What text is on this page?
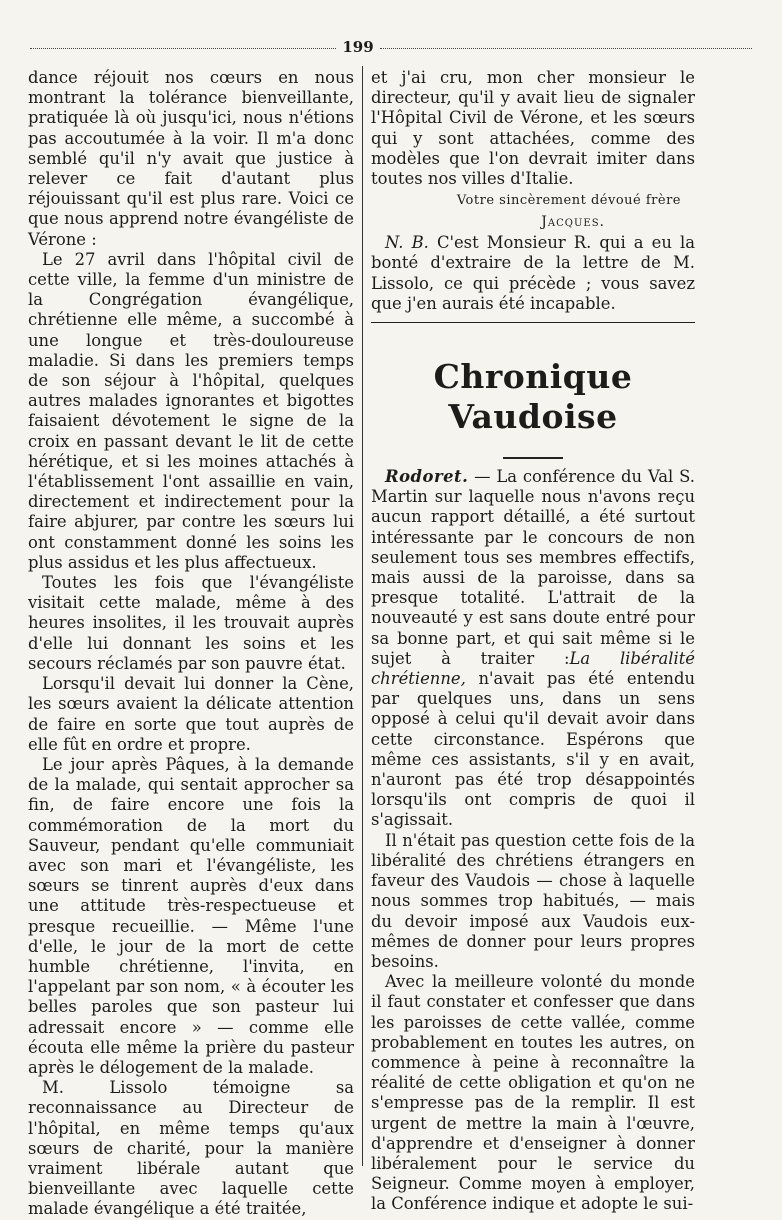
199

dance réjouit nos cœurs en nous montrant la tolérance bienveillante, pratiquée là où jusqu'ici, nous n'étions pas accoutumée à la voir. Il m'a donc semblé qu'il n'y avait que justice à relever ce fait d'autant plus réjouissant qu'il est plus rare. Voici ce que nous apprend notre évangéliste de Vérone :

Le 27 avril dans l'hôpital civil de cette ville, la femme d'un ministre de la Congrégation évangélique, chrétienne elle même, a succombé à une longue et très-douloureuse maladie. Si dans les premiers temps de son séjour à l'hôpital, quelques autres malades ignorantes et bigottes faisaient dévotement le signe de la croix en passant devant le lit de cette hérétique, et si les moines attachés à l'établissement l'ont assaillie en vain, directement et indirectement pour la faire abjurer, par contre les sœurs lui ont constamment donné les soins les plus assidus et les plus affectueux.

Toutes les fois que l'évangéliste visitait cette malade, même à des heures insolites, il les trouvait auprès d'elle lui donnant les soins et les secours réclamés par son pauvre état.

Lorsqu'il devait lui donner la Cène, les sœurs avaient la délicate attention de faire en sorte que tout auprès de elle fût en ordre et propre.

Le jour après Pâques, à la demande de la malade, qui sentait approcher sa fin, de faire encore une fois la commémoration de la mort du Sauveur, pendant qu'elle communiait avec son mari et l'évangéliste, les sœurs se tinrent auprès d'eux dans une attitude très-respectueuse et presque recueillie. — Même l'une d'elle, le jour de la mort de cette humble chrétienne, l'invita, en l'appelant par son nom, « à écouter les belles paroles que son pasteur lui adressait encore » — comme elle écouta elle même la prière du pasteur après le délogement de la malade.

M. Lissolo témoigne sa reconnaissance au Directeur de l'hôpital, en même temps qu'aux sœurs de charité, pour la manière vraiment libérale autant que bienveillante avec laquelle cette malade évangélique a été traitée,

et j'ai cru, mon cher monsieur le directeur, qu'il y avait lieu de signaler l'Hôpital Civil de Vérone, et les sœurs qui y sont attachées, comme des modèles que l'on devrait imiter dans toutes nos villes d'Italie.

Votre sincèrement dévoué frère
Jacques.

N. B. C'est Monsieur R. qui a eu la bonté d'extraire de la lettre de M. Lissolo, ce qui précède ; vous savez que j'en aurais été incapable.

Chronique Vaudoise

Rodoret. — La conférence du Val S. Martin sur laquelle nous n'avons reçu aucun rapport détaillé, a été surtout intéressante par le concours de non seulement tous ses membres effectifs, mais aussi de la paroisse, dans sa presque totalité. L'attrait de la nouveauté y est sans doute entré pour sa bonne part, et qui sait même si le sujet à traiter :La libéralité chrétienne, n'avait pas été entendu par quelques uns, dans un sens opposé à celui qu'il devait avoir dans cette circonstance. Espérons que même ces assistants, s'il y en avait, n'auront pas été trop désappointés lorsqu'ils ont compris de quoi il s'agissait.

Il n'était pas question cette fois de la libéralité des chrétiens étrangers en faveur des Vaudois — chose à laquelle nous sommes trop habitués, — mais du devoir imposé aux Vaudois eux-mêmes de donner pour leurs propres besoins.

Avec la meilleure volonté du monde il faut constater et confesser que dans les paroisses de cette vallée, comme probablement en toutes les autres, on commence à peine à reconnaître la réalité de cette obligation et qu'on ne s'empresse pas de la remplir. Il est urgent de mettre la main à l'œuvre, d'apprendre et d'enseigner à donner libéralement pour le service du Seigneur. Comme moyen à employer, la Conférence indique et adopte le sui-
